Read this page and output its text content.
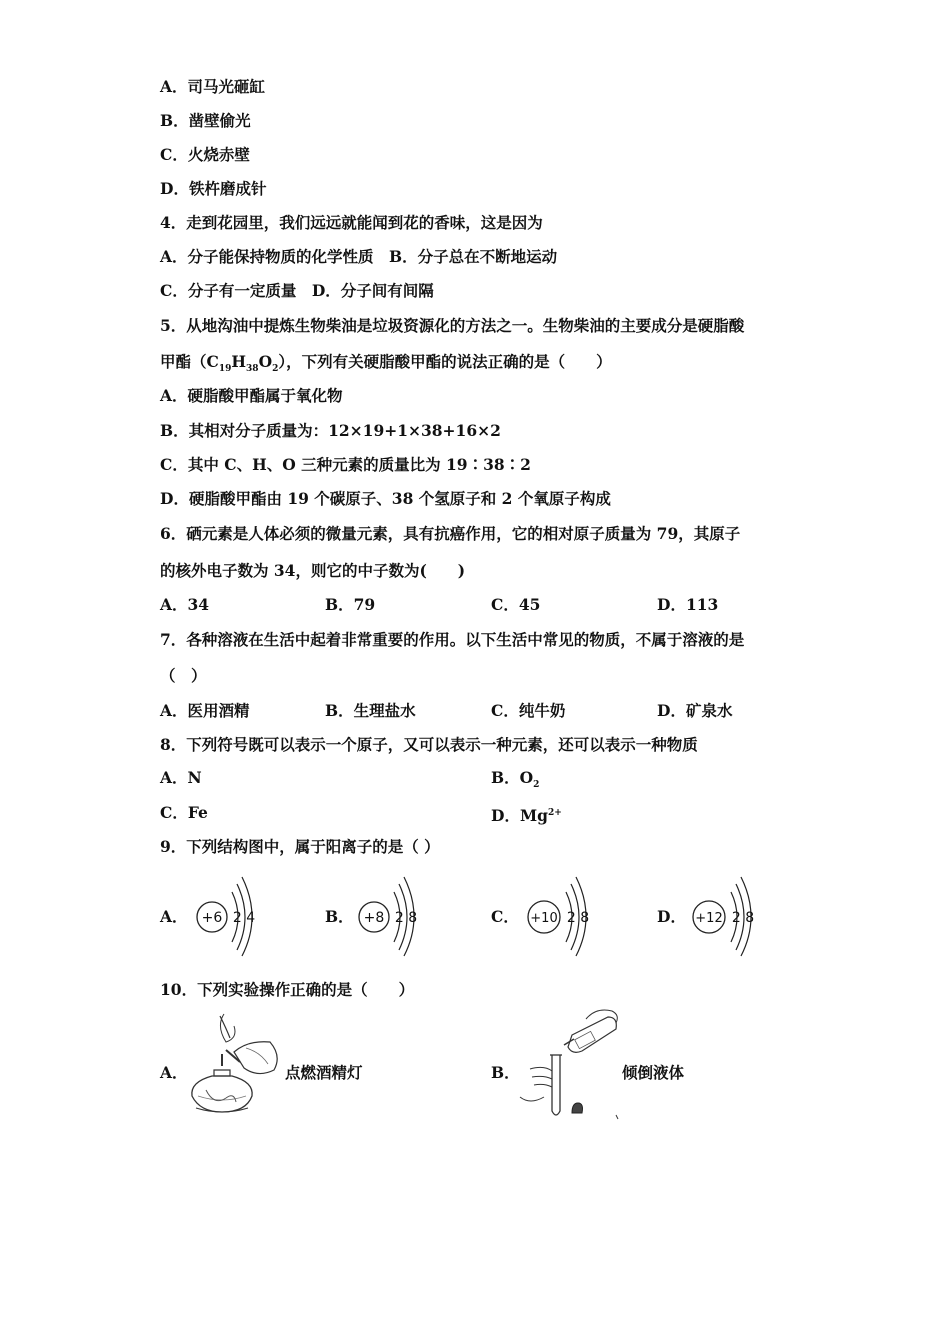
A．司马光砸缸
B．凿壁偷光
C．火烧赤壁
D．铁杵磨成针
4．走到花园里，我们远远就能闻到花的香味，这是因为
A．分子能保持物质的化学性质　B．分子总在不断地运动
C．分子有一定质量　D．分子间有间隔
5．从地沟油中提炼生物柴油是垃圾资源化的方法之一。生物柴油的主要成分是硬脂酸
甲酯$(C_{19}H_{38}O_2)$，下列有关硬脂酸甲酯的说法正确的是（　　）
A．硬脂酸甲酯属于氧化物
B．其相对分子质量为：12×19+1×38+16×2
C．其中 C、H、O 三种元素的质量比为 19∶38∶2
D．硬脂酸甲酯由 19 个碳原子、38 个氢原子和 2 个氧原子构成
6．硒元素是人体必须的微量元素，具有抗癌作用，它的相对原子质量为 79，其原子
的核外电子数为 34，则它的中子数为(　　)
A．34	B．79	C．45	D．113
7．各种溶液在生活中起着非常重要的作用。以下生活中常见的物质，不属于溶液的是
（　）
A．医用酒精	B．生理盐水	C．纯牛奶	D．矿泉水
8．下列符号既可以表示一个原子，又可以表示一种元素，还可以表示一种物质
A．N	B．$O_2$
C．Fe	D．$Mg^{2+}$
9．下列结构图中，属于阳离子的是（ ）
A． +6 2 4	B． +8 2 8	C． +10 2 8	D． +12 2 8
10．下列实验操作正确的是（　　）
A．	点燃酒精灯	B．	倾倒液体
